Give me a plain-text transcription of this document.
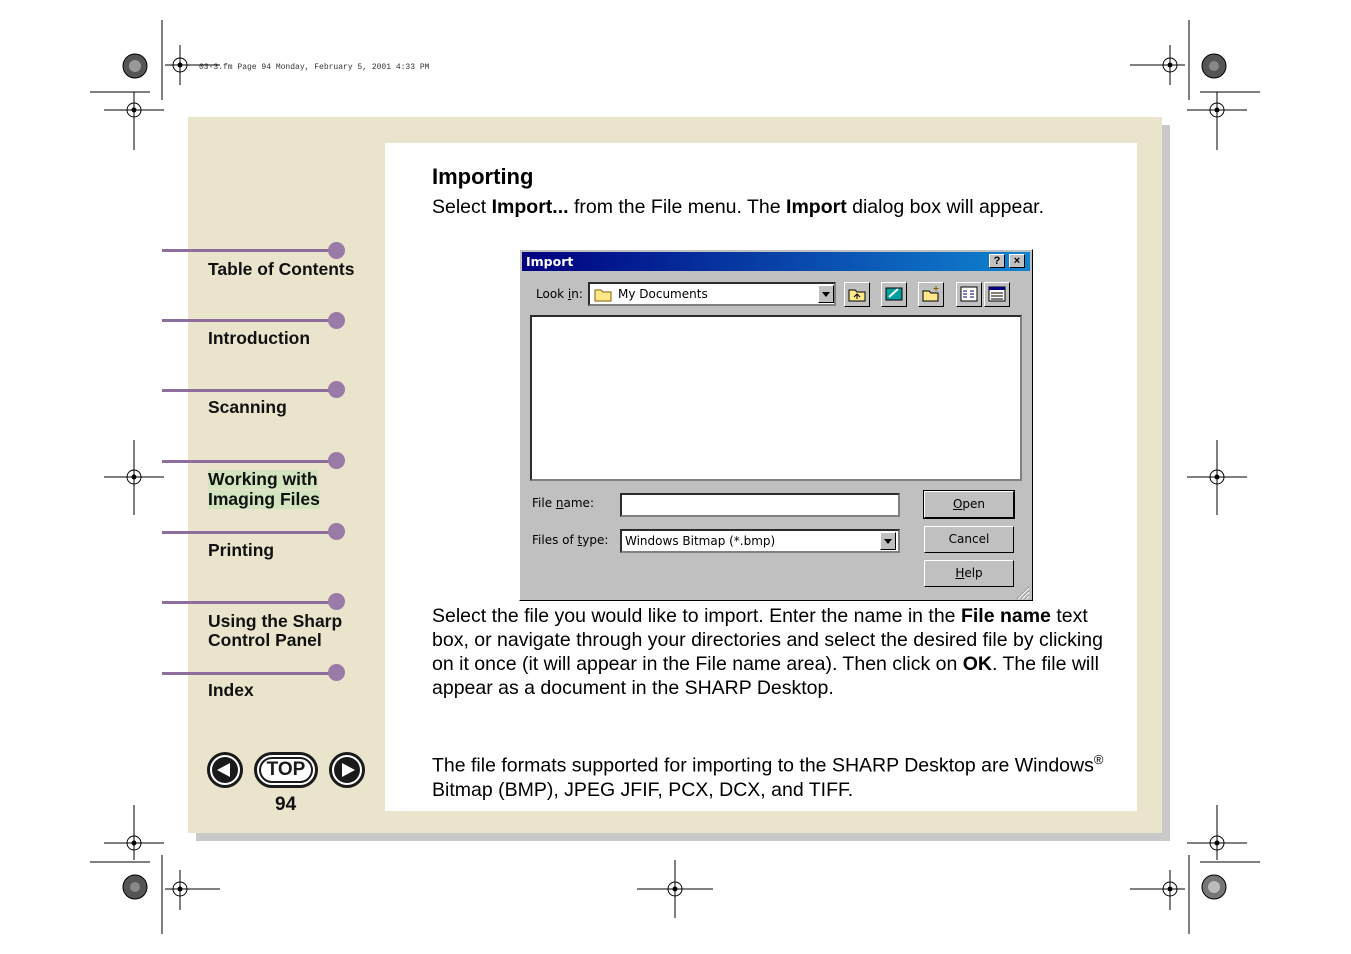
03-3.fm Page 94 Monday, February 5, 2001 4:33 PM
Table of Contents
Introduction
Scanning
Working with
Imaging Files
Printing
Using the Sharp
Control Panel
Index
TOP
94
Importing
Select Import... from the File menu. The Import dialog box will appear.
Import	?	×
Look in:	My Documents
File name:	Open
Files of type: Windows Bitmap (*.bmp)	Cancel
Help
Select the file you would like to import. Enter the name in the File name text box, or navigate through your directories and select the desired file by clicking on it once (it will appear in the File name area). Then click on OK. The file will appear as a document in the SHARP Desktop.
The file formats supported for importing to the SHARP Desktop are Windows® Bitmap (BMP), JPEG JFIF, PCX, DCX, and TIFF.
